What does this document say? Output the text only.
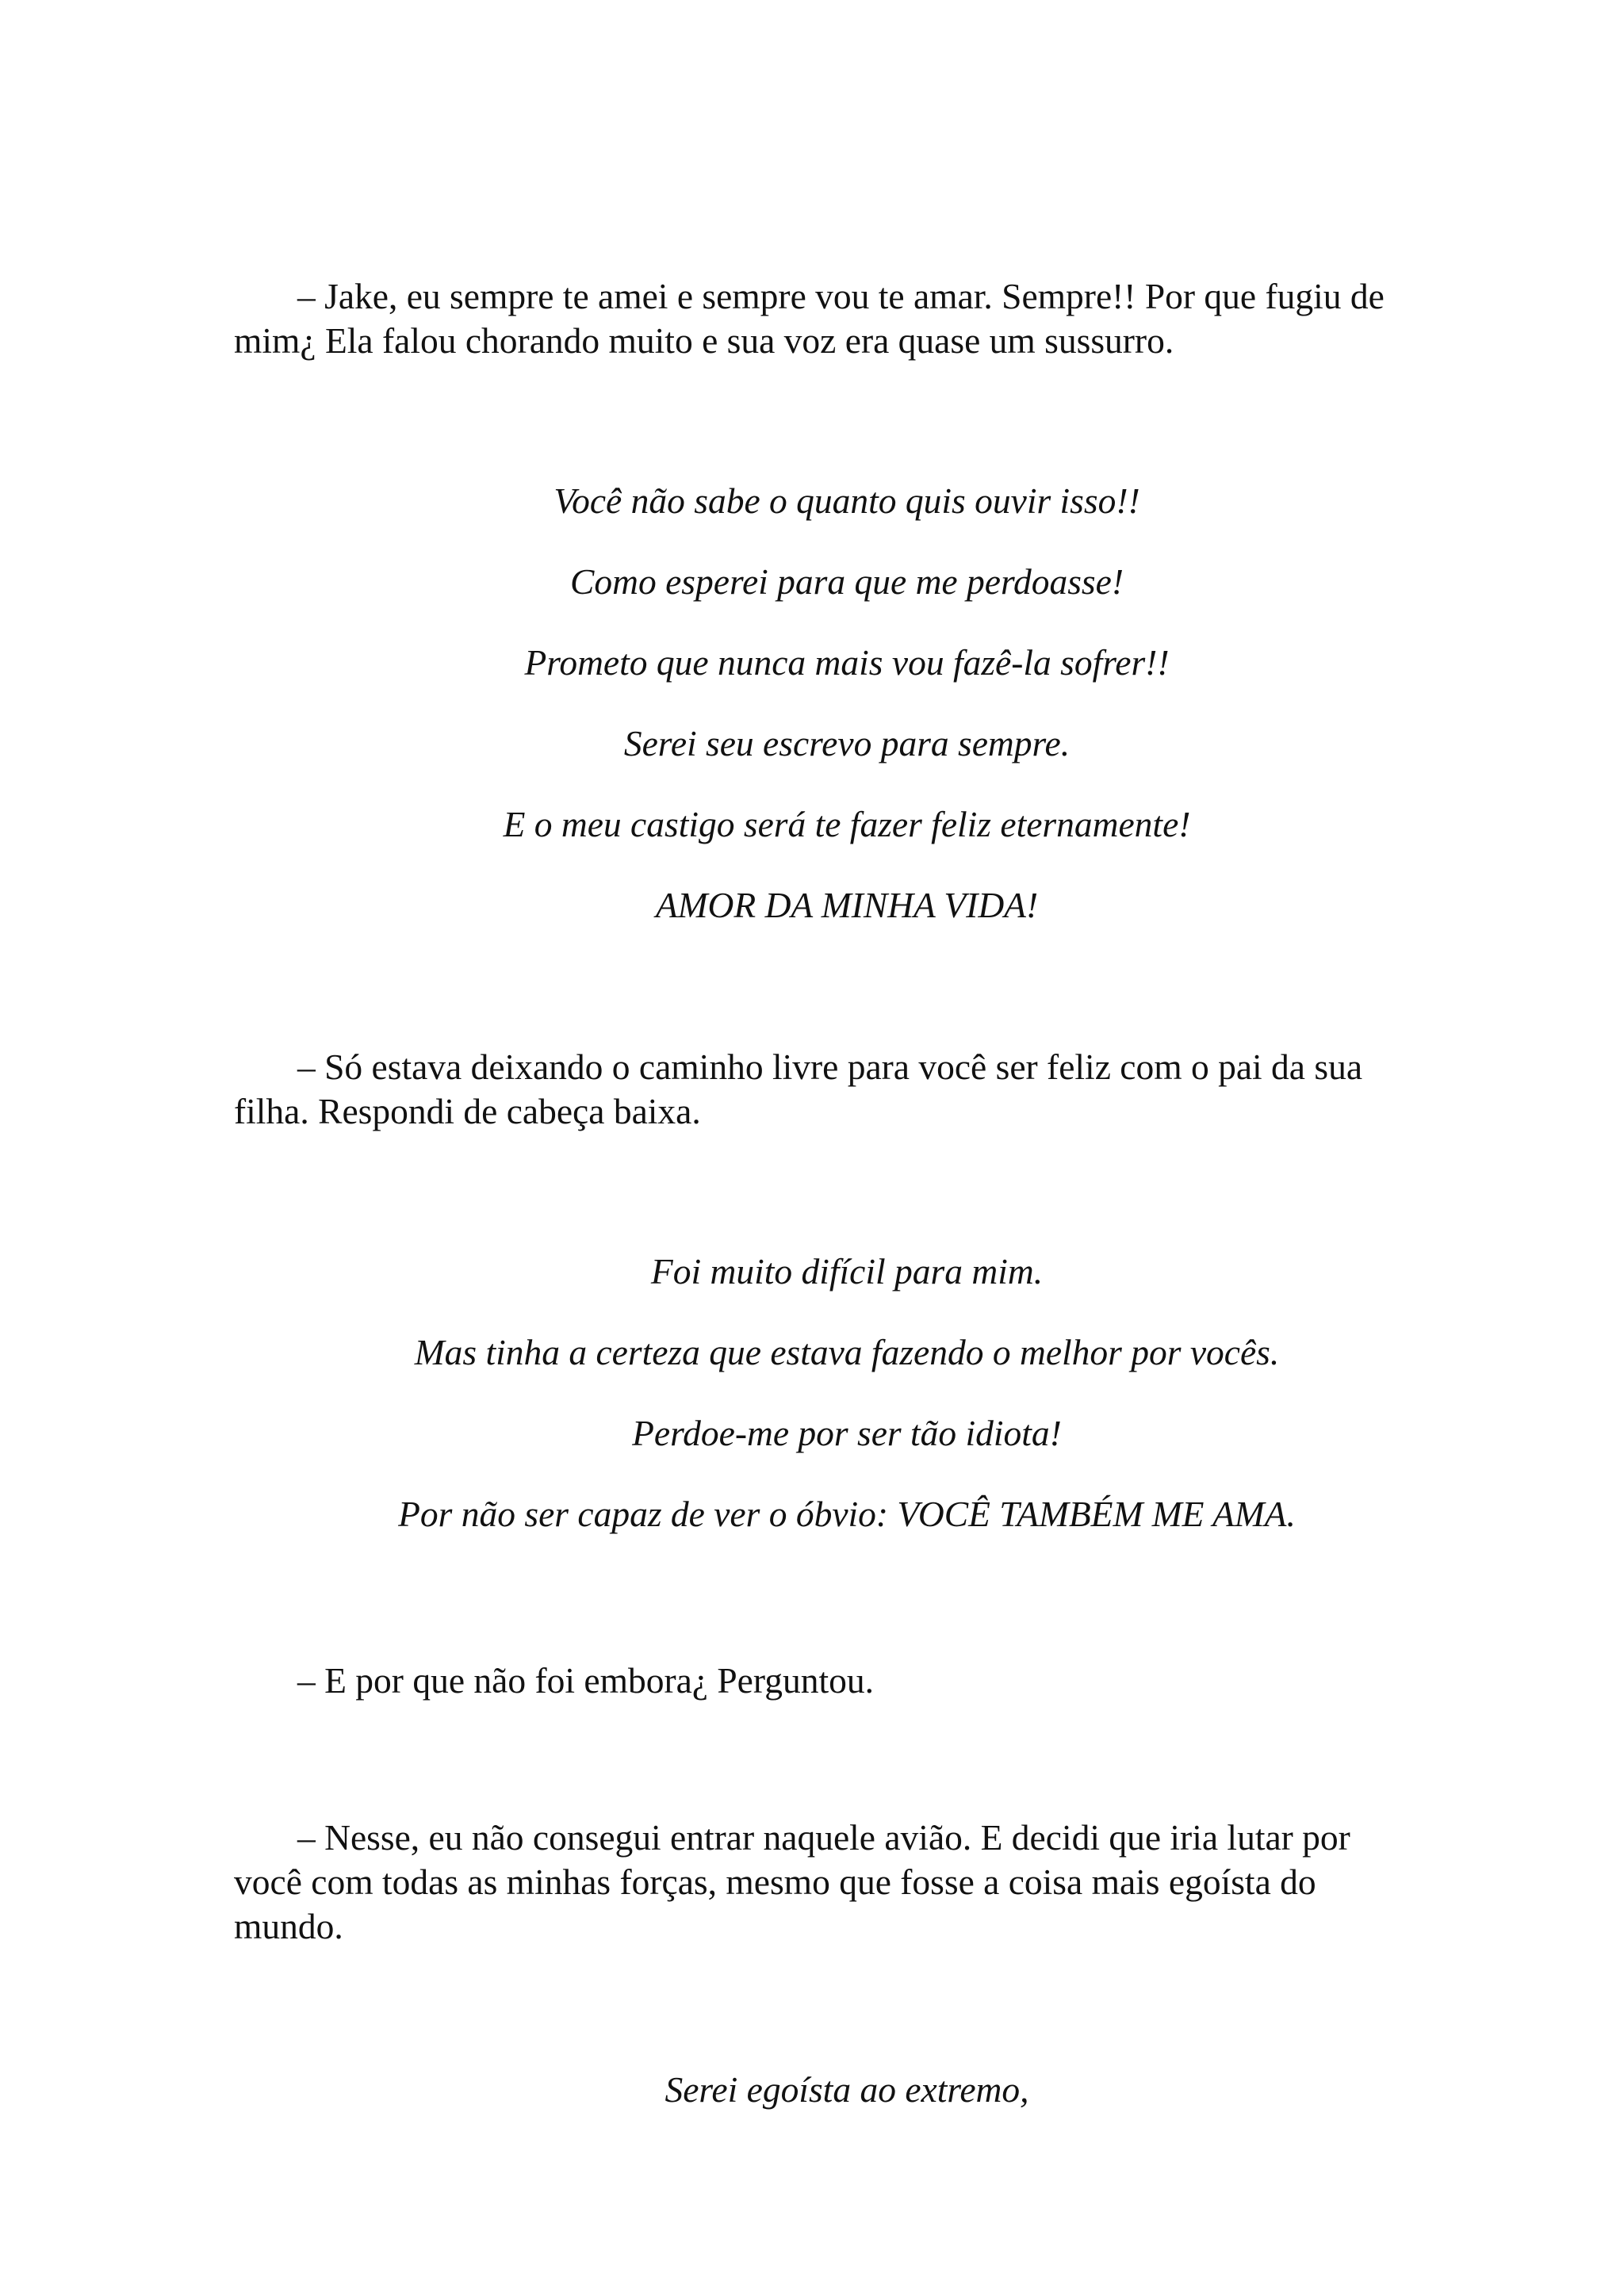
– Jake, eu sempre te amei e sempre vou te amar. Sempre!! Por que fugiu de mim¿ Ela falou chorando muito e sua voz era quase um sussurro.

Você não sabe o quanto quis ouvir isso!!

Como esperei para que me perdoasse!

Prometo que nunca mais vou fazê-la sofrer!!

Serei seu escrevo para sempre.

E o meu castigo será te fazer feliz eternamente!

AMOR DA MINHA VIDA!

– Só estava deixando o caminho livre para você ser feliz com o pai da sua filha. Respondi de cabeça baixa.

Foi muito difícil para mim.

Mas tinha a certeza que estava fazendo o melhor por vocês.

Perdoe-me por ser tão idiota!

Por não ser capaz de ver o óbvio: VOCÊ TAMBÉM ME AMA.

– E por que não foi embora¿ Perguntou.

– Nesse, eu não consegui entrar naquele avião. E decidi que iria lutar por você com todas as minhas forças, mesmo que fosse a coisa mais egoísta do mundo.

Serei egoísta ao extremo,
